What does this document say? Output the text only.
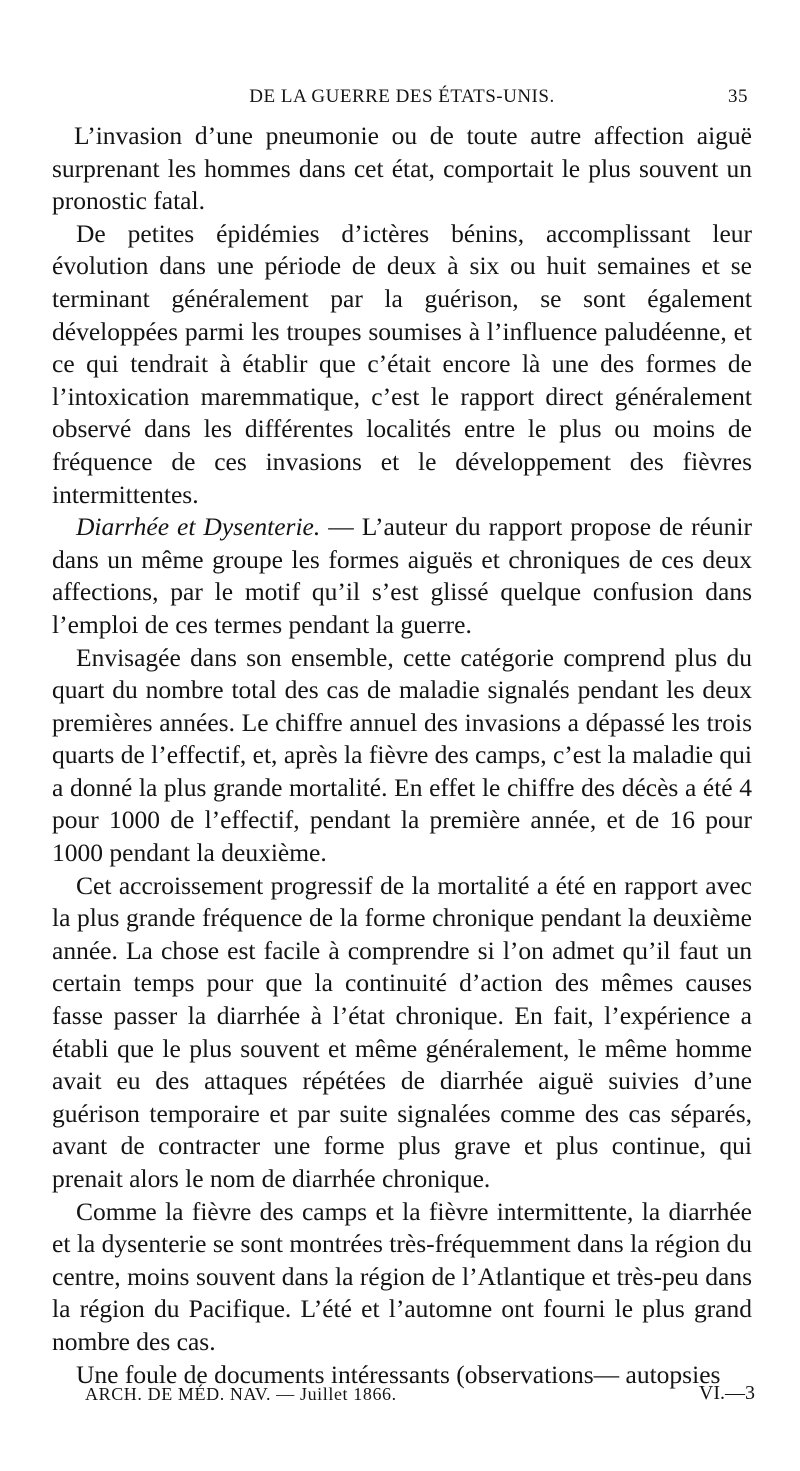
DE LA GUERRE DES ÉTATS-UNIS.	35

L’invasion d’une pneumonie ou de toute autre affection aiguë surprenant les hommes dans cet état, comportait le plus souvent un pronostic fatal.

De petites épidémies d’ictères bénins, accomplissant leur évolution dans une période de deux à six ou huit semaines et se terminant généralement par la guérison, se sont également développées parmi les troupes soumises à l’influence paludéenne, et ce qui tendrait à établir que c’était encore là une des formes de l’intoxication maremmatique, c’est le rapport direct généralement observé dans les différentes localités entre le plus ou moins de fréquence de ces invasions et le développement des fièvres intermittentes.

Diarrhée et Dysenterie. — L’auteur du rapport propose de réunir dans un même groupe les formes aiguës et chroniques de ces deux affections, par le motif qu’il s’est glissé quelque confusion dans l’emploi de ces termes pendant la guerre.

Envisagée dans son ensemble, cette catégorie comprend plus du quart du nombre total des cas de maladie signalés pendant les deux premières années. Le chiffre annuel des invasions a dépassé les trois quarts de l’effectif, et, après la fièvre des camps, c’est la maladie qui a donné la plus grande mortalité. En effet le chiffre des décès a été 4 pour 1000 de l’effectif, pendant la première année, et de 16 pour 1000 pendant la deuxième.

Cet accroissement progressif de la mortalité a été en rapport avec la plus grande fréquence de la forme chronique pendant la deuxième année. La chose est facile à comprendre si l’on admet qu’il faut un certain temps pour que la continuité d’action des mêmes causes fasse passer la diarrhée à l’état chronique. En fait, l’expérience a établi que le plus souvent et même généralement, le même homme avait eu des attaques répétées de diarrhée aiguë suivies d’une guérison temporaire et par suite signalées comme des cas séparés, avant de contracter une forme plus grave et plus continue, qui prenait alors le nom de diarrhée chronique.

Comme la fièvre des camps et la fièvre intermittente, la diarrhée et la dysenterie se sont montrées très-fréquemment dans la région du centre, moins souvent dans la région de l’Atlantique et très-peu dans la région du Pacifique. L’été et l’automne ont fourni le plus grand nombre des cas.

Une foule de documents intéressants (observations— autopsies

ARCH. DE MÉD. NAV. — Juillet 1866.	VI.—3
